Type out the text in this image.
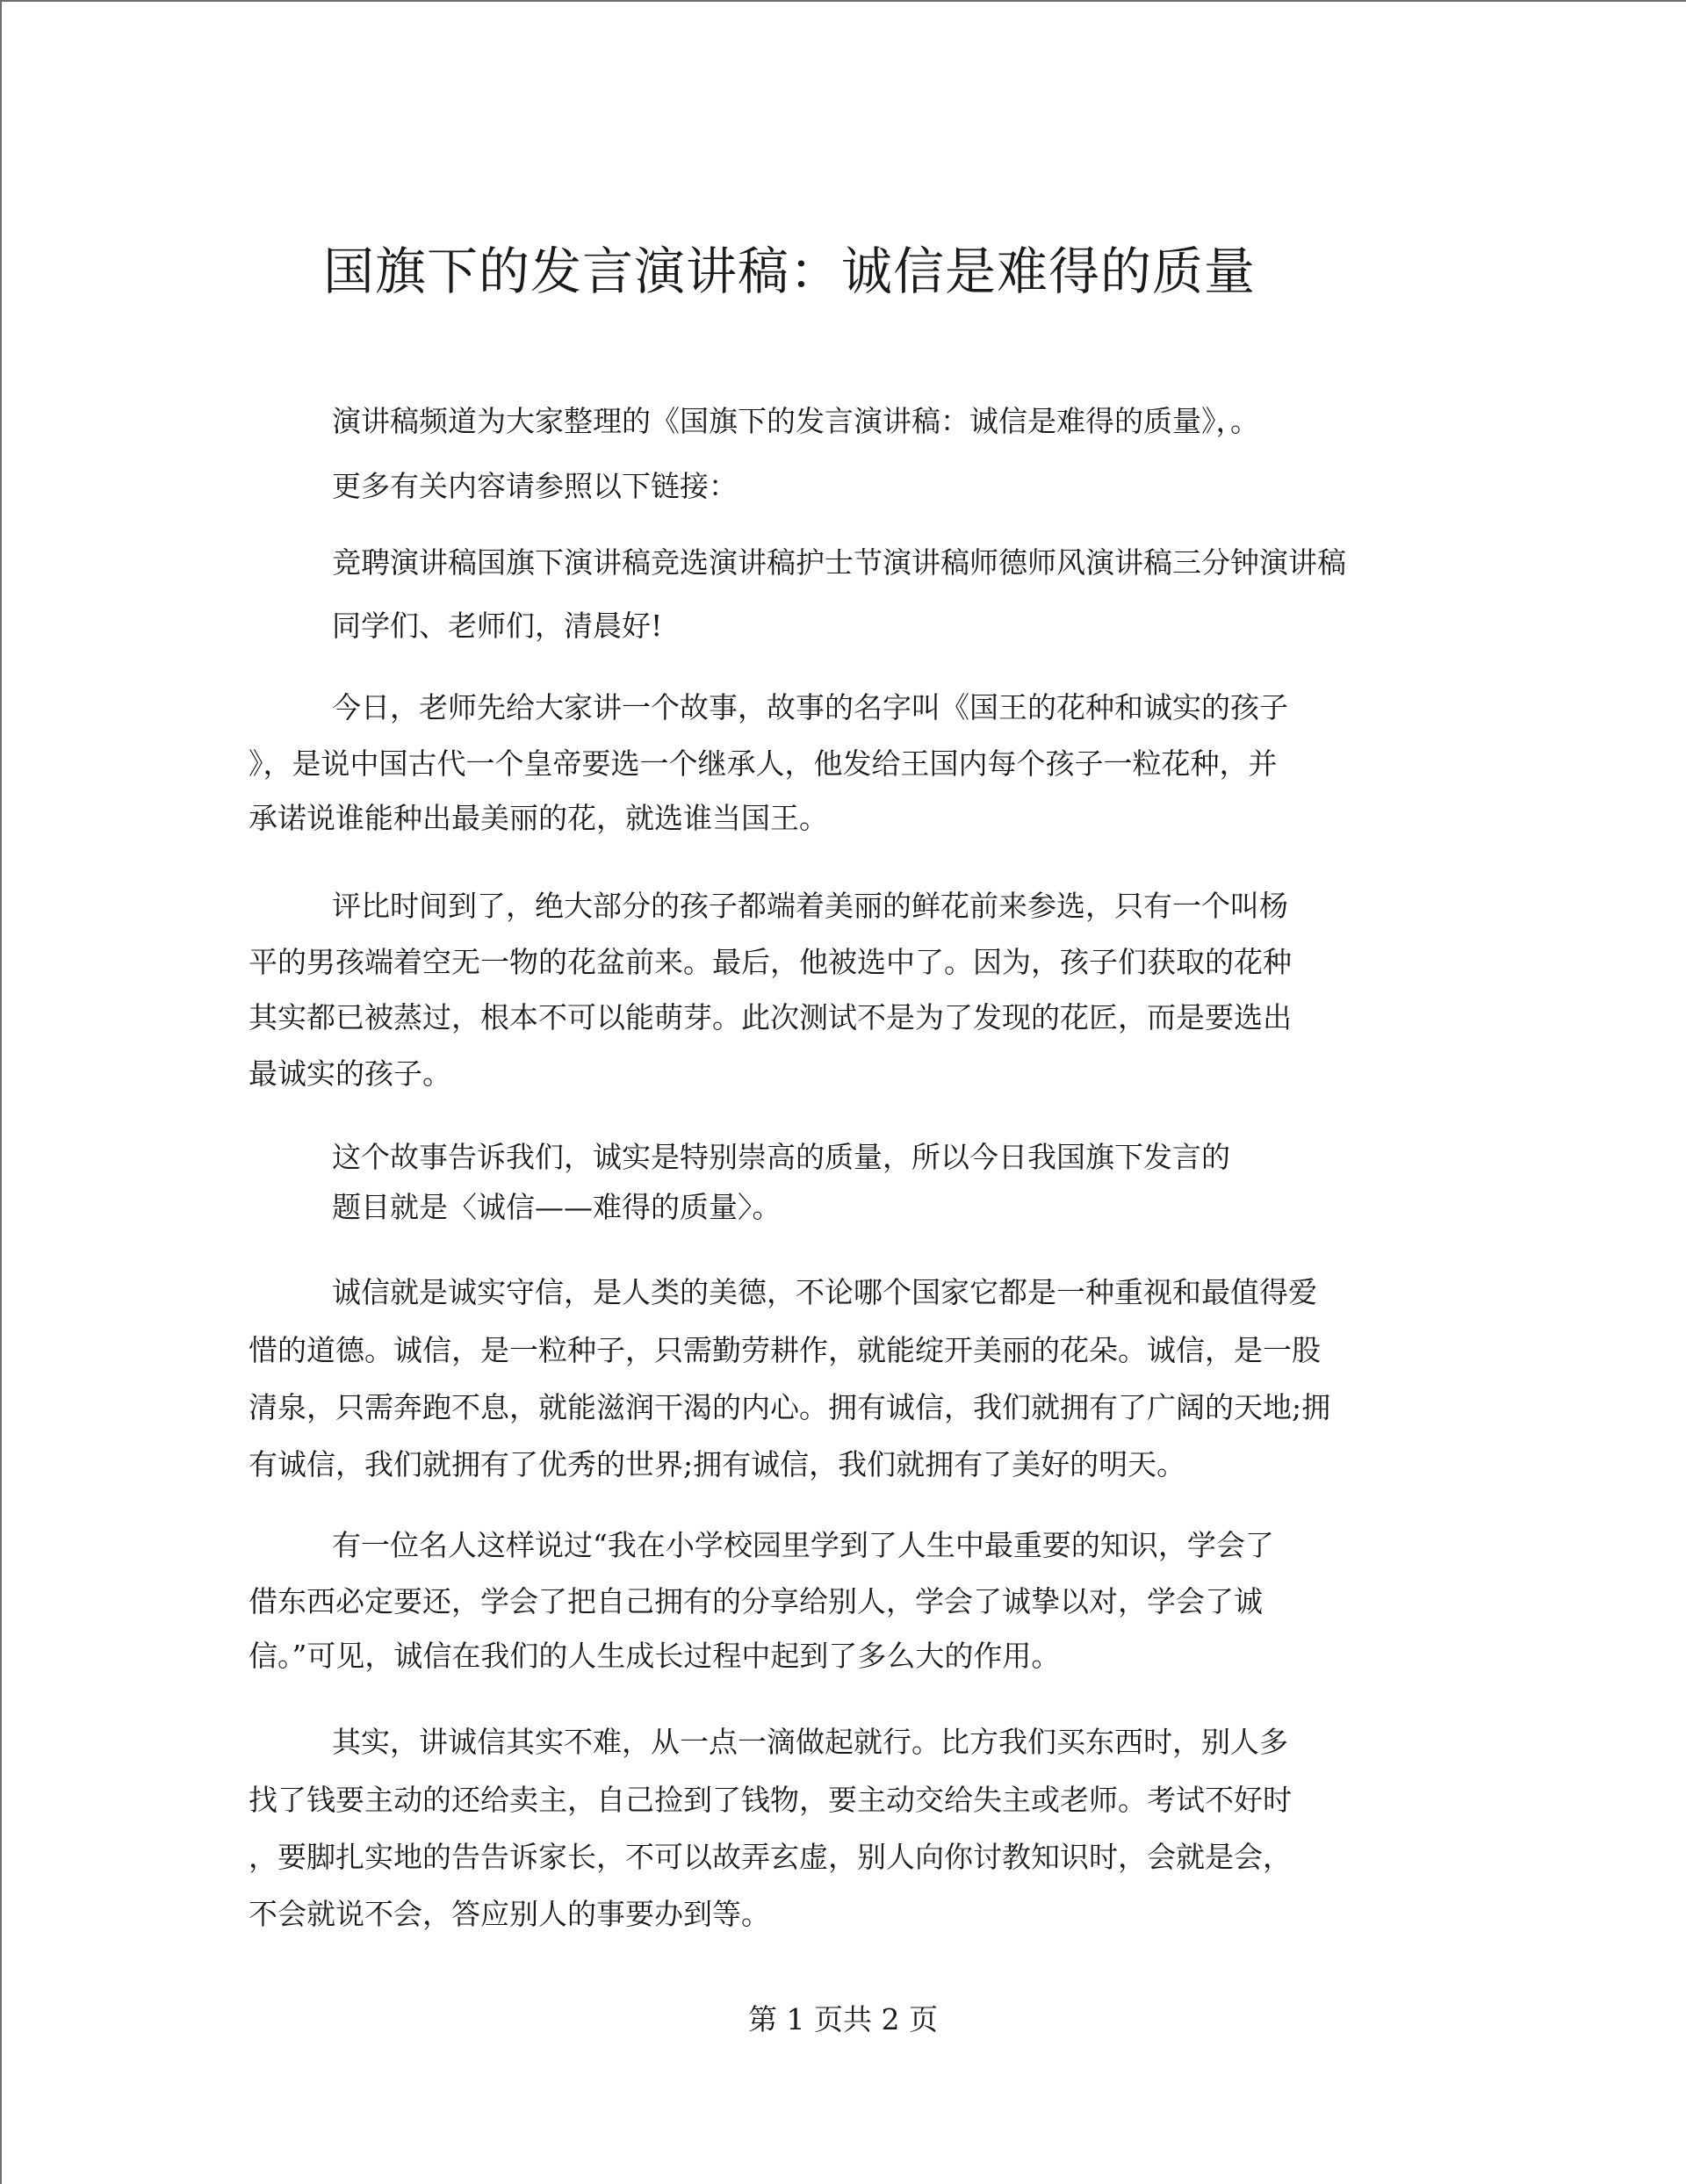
国旗下的发言演讲稿：诚信是难得的质量

演讲稿频道为大家整理的《国旗下的发言演讲稿：诚信是难得的质量》，。

更多有关内容请参照以下链接：

竞聘演讲稿国旗下演讲稿竞选演讲稿护士节演讲稿师德师风演讲稿三分钟演讲稿

同学们、老师们，清晨好!

今日，老师先给大家讲一个故事，故事的名字叫《国王的花种和诚实的孩子

》，是说中国古代一个皇帝要选一个继承人，他发给王国内每个孩子一粒花种，并

承诺说谁能种出最美丽的花，就选谁当国王。

评比时间到了，绝大部分的孩子都端着美丽的鲜花前来参选，只有一个叫杨

平的男孩端着空无一物的花盆前来。最后，他被选中了。因为，孩子们获取的花种

其实都已被蒸过，根本不可以能萌芽。此次测试不是为了发现的花匠，而是要选出

最诚实的孩子。

这个故事告诉我们，诚实是特别崇高的质量，所以今日我国旗下发言的

题目就是〈诚信——难得的质量〉。

诚信就是诚实守信，是人类的美德，不论哪个国家它都是一种重视和最值得爱

惜的道德。诚信，是一粒种子，只需勤劳耕作，就能绽开美丽的花朵。诚信，是一股

清泉，只需奔跑不息，就能滋润干渴的内心。拥有诚信，我们就拥有了广阔的天地;拥

有诚信，我们就拥有了优秀的世界;拥有诚信，我们就拥有了美好的明天。

有一位名人这样说过“我在小学校园里学到了人生中最重要的知识，学会了

借东西必定要还，学会了把自己拥有的分享给别人，学会了诚挚以对，学会了诚

信。”可见，诚信在我们的人生成长过程中起到了多么大的作用。

其实，讲诚信其实不难，从一点一滴做起就行。比方我们买东西时，别人多

找了钱要主动的还给卖主，自己捡到了钱物，要主动交给失主或老师。考试不好时

，要脚扎实地的告告诉家长，不可以故弄玄虚，别人向你讨教知识时，会就是会，

不会就说不会，答应别人的事要办到等。

第 1 页共 2 页
